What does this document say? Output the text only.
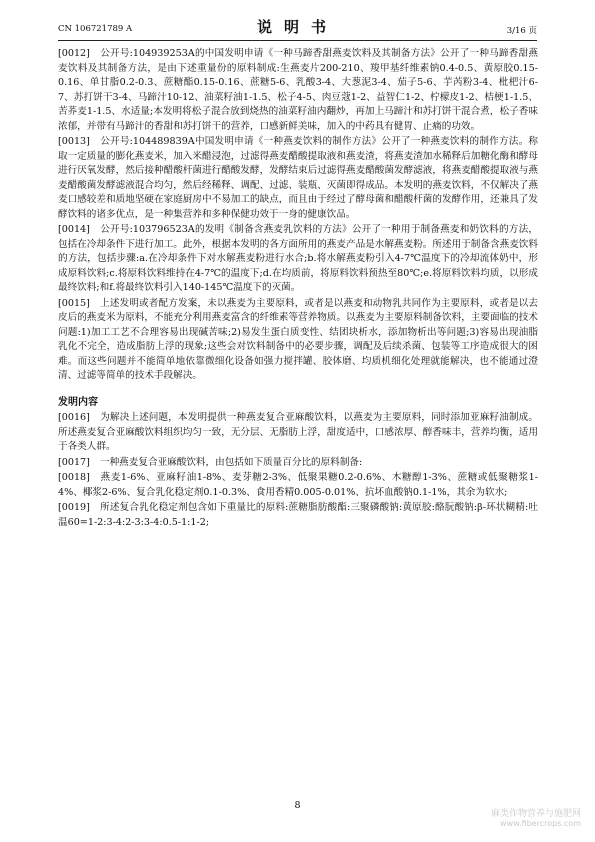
CN 106721789 A	说明书	3/16 页

[0012] 公开号:104939253A的中国发明申请《一种马蹄香甜燕麦饮料及其制备方法》公开了一种马蹄香甜燕麦饮料及其制备方法，是由下述重量份的原料制成:生燕麦片200-210、羧甲基纤维素钠0.4-0.5、黄原胶0.15-0.16、单甘脂0.2-0.3、蔗糖酯0.15-0.16、蔗糖5-6、乳酸3-4、大葱泥3-4、茄子5-6、芋芮粉3-4、枇杷汁6-7、苏打饼干3-4、马蹄汁10-12、油菜籽油1-1.5、松子4-5、肉豆蔻1-2、益智仁1-2、柠檬皮1-2、桔梗1-1.5、苦荞麦1-1.5、水适量;本发明将松子混合放到烧热的油菜籽油内翻炒，再加上马蹄汁和苏打饼干混合煮，松子香味浓郁，并带有马蹄汁的香甜和苏打饼干的营养，口感新鲜美味，加入的中药具有健胃、止痛的功效。

[0013] 公开号:104489839A中国发明申请《一种燕麦饮料的制作方法》公开了一种燕麦饮料的制作方法。称取一定质量的膨化燕麦米，加入米醋浸泡，过滤得燕麦醋酸提取液和燕麦渣，将燕麦渣加水稀释后加糖化酶和酵母进行厌氧发酵，然后接种醋酸杆菌进行醋酸发酵，发酵结束后过滤得燕麦醋酸菌发酵滤液，将燕麦醋酸提取液与燕麦醋酸菌发酵滤液混合均匀，然后经稀释、调配、过滤、装瓶、灭菌即得成品。本发明的燕麦饮料，不仅解决了燕麦口感较差和质地坚硬在家庭厨房中不易加工的缺点，而且由于经过了酵母菌和醋酸杆菌的发酵作用，还兼具了发酵饮料的诸多优点，是一种集营养和多种保健功效于一身的健康饮品。

[0014] 公开号:103796523A的发明《制备含燕麦乳饮料的方法》公开了一种用于制备燕麦和奶饮料的方法，包括在冷却条件下进行加工。此外，根据本发明的各方面所用的燕麦产品是水解燕麦粉。所述用于制备含燕麦饮料的方法，包括步骤:a.在冷却条件下对水解燕麦粉进行水合;b.将水解燕麦粉引入4-7℃温度下的冷却流体奶中，形成原料饮料;c.将原料饮料维持在4-7℃的温度下;d.在均质前，将原料饮料预热至80℃;e.将原料饮料均质，以形成最终饮料;和f.将最终饮料引入140-145℃温度下的灭菌。

[0015] 上述发明或者配方发案，未以燕麦为主要原料，或者是以燕麦和动物乳共同作为主要原料，或者是以去皮后的燕麦米为原料，不能充分利用燕麦富含的纤维素等营养物质。以燕麦为主要原料制备饮料，主要面临的技术问题:1)加工工艺不合理容易出现碱苦味;2)易发生蛋白质变性、结团块析水，添加物析出等问题;3)容易出现油脂乳化不完全，造成脂肪上浮的现象;这些会对饮料制备中的必要步骤，调配及后续杀菌、包装等工序造成很大的困难。而这些问题并不能简单地依靠微细化设备如强力搅拌罐、胶体磨、均质机细化处理就能解决，也不能通过澄清、过滤等简单的技术手段解决。

发明内容

[0016] 为解决上述问题，本发明提供一种燕麦复合亚麻酸饮料，以燕麦为主要原料，同时添加亚麻籽油制成。所述燕麦复合亚麻酸饮料组织均匀一致，无分层、无脂肪上浮，甜度适中，口感浓厚、醇香味丰，营养均衡，适用于各类人群。

[0017] 一种燕麦复合亚麻酸饮料，由包括如下质量百分比的原料制备:

[0018] 燕麦1-6%、亚麻籽油1-8%、麦芽糖2-3%、低聚果糖0.2-0.6%、木糖醇1-3%、蔗糖或低聚糖浆1-4%、椰浆2-6%、复合乳化稳定剂0.1-0.3%、食用香精0.005-0.01%、抗坏血酸钠0.1-1%，其余为软水;

[0019] 所述复合乳化稳定剂包含如下重量比的原料:蔗糖脂肪酸酯:三聚磷酸钠:黄原胶:酪朊酸钠:β-环状糊精:吐温60=1-2:3-4:2-3:3-4:0.5-1:1-2;

8
麻类作物营养与施肥网
www.fibercrops.com
